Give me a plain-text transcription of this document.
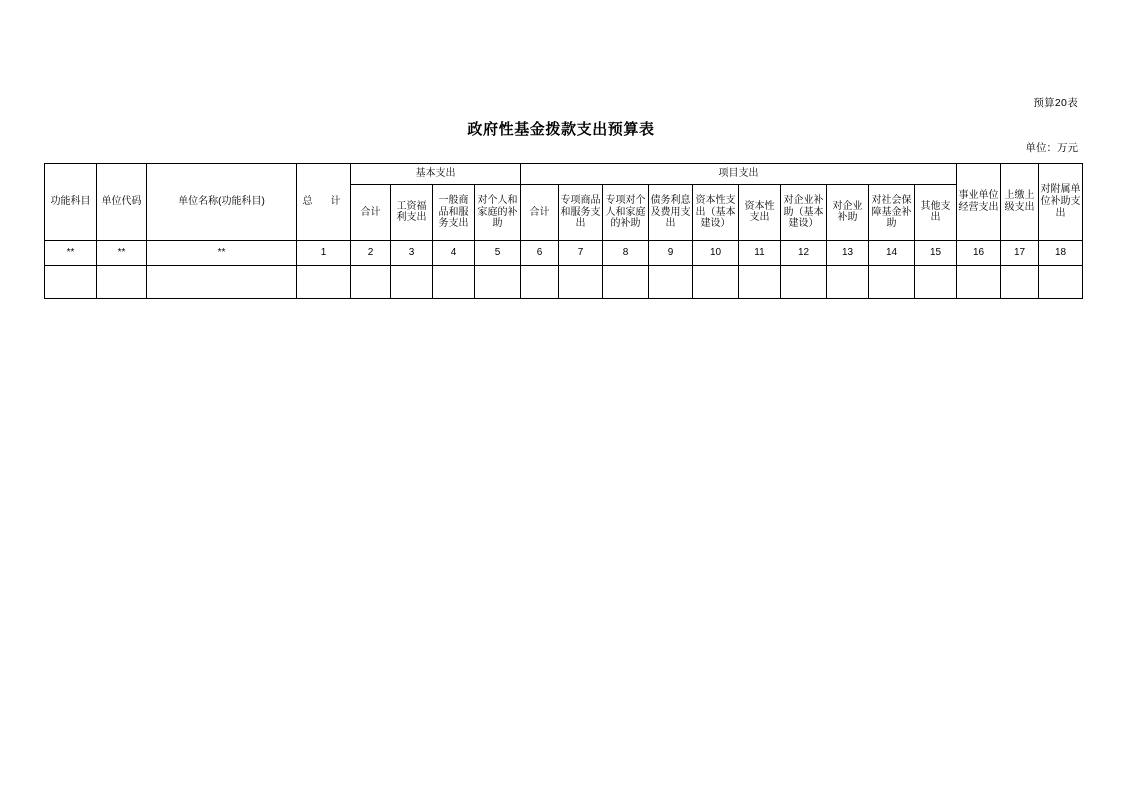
预算20表
政府性基金拨款支出预算表
单位：万元
功能科目	单位代码	单位名称(功能科目)	总　计	基本支出				项目支出										事业单位经营支出	上缴上级支出	对附属单位补助支出
				合计	工资福利支出	一般商品和服务支出	对个人和家庭的补助	合计	专项商品和服务支出	专项对个人和家庭的补助	债务利息及费用支出	资本性支出（基本建设）	资本性支出	对企业补助（基本建设）	对企业补助	对社会保障基金补助	其他支出			
**	**	**	1	2	3	4	5	6	7	8	9	10	11	12	13	14	15	16	17	18
